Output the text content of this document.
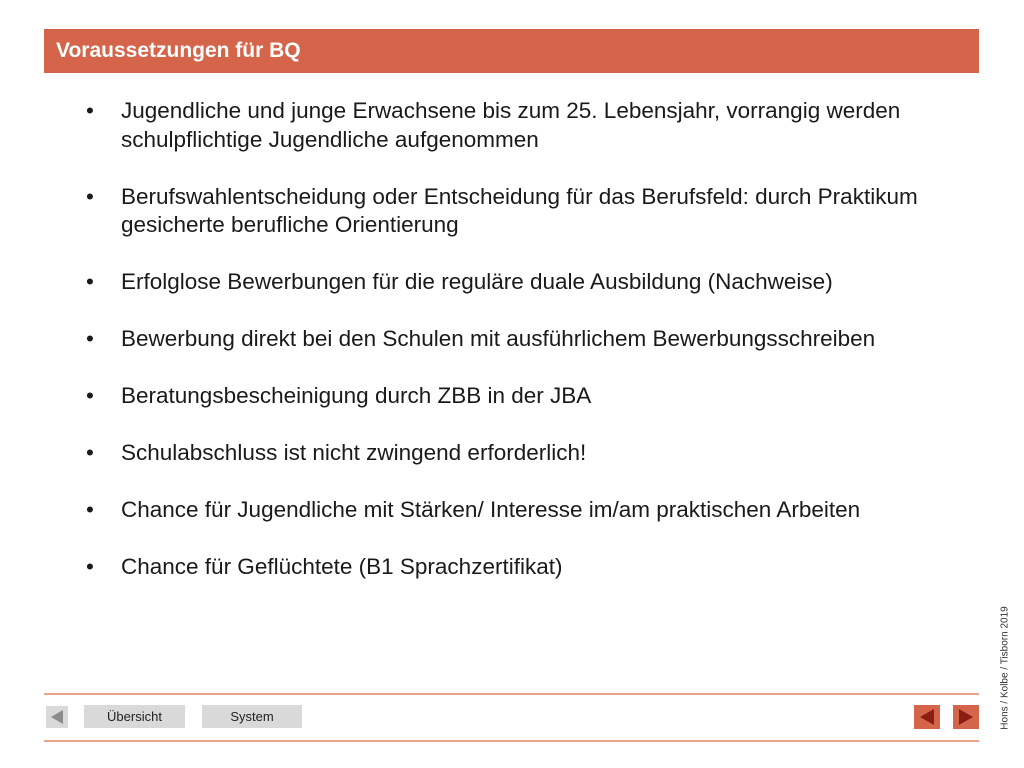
Voraussetzungen für BQ
• Jugendliche und junge Erwachsene bis zum 25. Lebensjahr, vorrangig werden schulpflichtige Jugendliche aufgenommen
• Berufswahlentscheidung oder Entscheidung für das Berufsfeld: durch Praktikum gesicherte berufliche Orientierung
• Erfolglose Bewerbungen für die reguläre duale Ausbildung (Nachweise)
• Bewerbung direkt bei den Schulen mit ausführlichem Bewerbungsschreiben
• Beratungsbescheinigung durch ZBB in der JBA
• Schulabschluss ist nicht zwingend erforderlich!
• Chance für Jugendliche mit Stärken/ Interesse im/am praktischen Arbeiten
• Chance für Geflüchtete (B1 Sprachzertifikat)
Übersicht	System	Hons / Kolbe / Tisborn 2019
